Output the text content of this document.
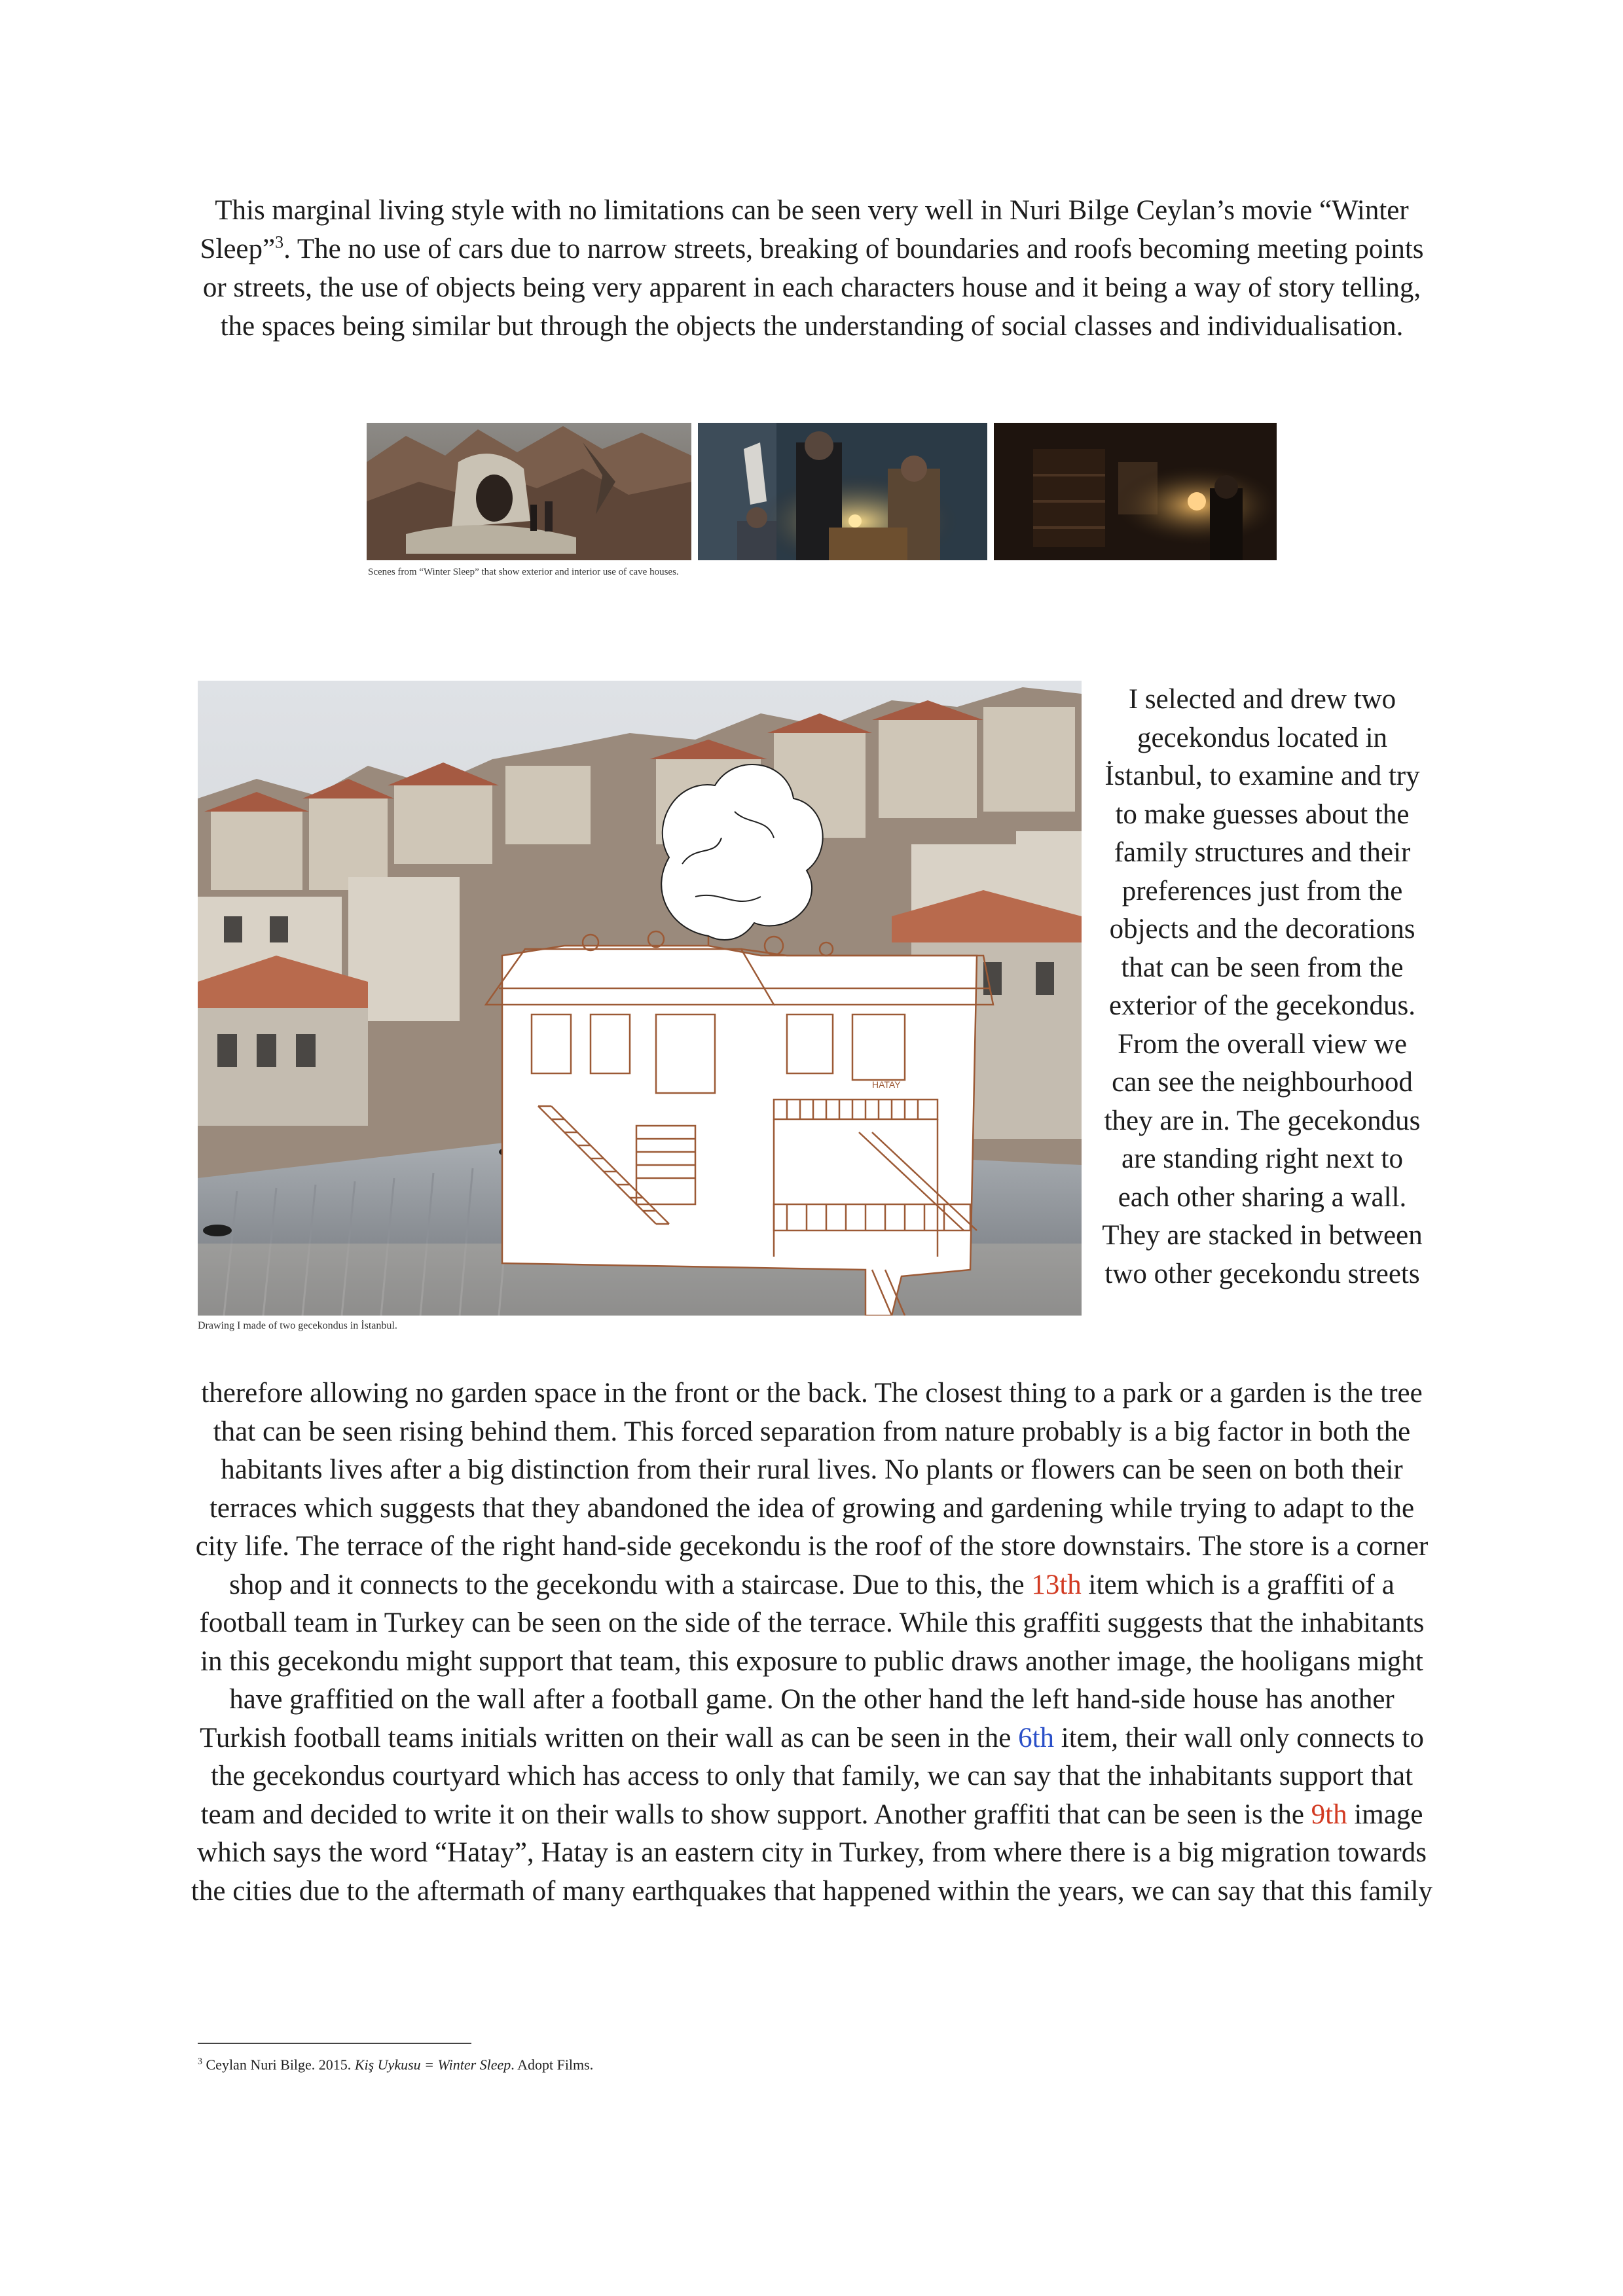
This marginal living style with no limitations can be seen very well in Nuri Bilge Ceylan’s movie “Winter Sleep”$^3$. The no use of cars due to narrow streets, breaking of boundaries and roofs becoming meeting points or streets, the use of objects being very apparent in each characters house and it being a way of story telling, the spaces being similar but through the objects the understanding of social classes and individualisation.

Scenes from “Winter Sleep” that show exterior and interior use of cave houses.

HATAY

Drawing I made of two gecekondus in İstanbul.

I selected and drew two gecekondus located in İstanbul, to examine and try to make guesses about the family structures and their preferences just from the objects and the decorations that can be seen from the exterior of the gecekondus. From the overall view we can see the neighbourhood they are in. The gecekondus are standing right next to each other sharing a wall. They are stacked in between two other gecekondu streets

therefore allowing no garden space in the front or the back. The closest thing to a park or a garden is the tree that can be seen rising behind them. This forced separation from nature probably is a big factor in both the habitants lives after a big distinction from their rural lives. No plants or flowers can be seen on both their terraces which suggests that they abandoned the idea of growing and gardening while trying to adapt to the city life. The terrace of the right hand-side gecekondu is the roof of the store downstairs. The store is a corner shop and it connects to the gecekondu with a staircase. Due to this, the 13th item which is a graffiti of a football team in Turkey can be seen on the side of the terrace. While this graffiti suggests that the inhabitants in this gecekondu might support that team, this exposure to public draws another image, the hooligans might have graffitied on the wall after a football game. On the other hand the left hand-side house has another Turkish football teams initials written on their wall as can be seen in the 6th item, their wall only connects to the gecekondus courtyard which has access to only that family, we can say that the inhabitants support that team and decided to write it on their walls to show support. Another graffiti that can be seen is the 9th image which says the word “Hatay”, Hatay is an eastern city in Turkey, from where there is a big migration towards the cities due to the aftermath of many earthquakes that happened within the years, we can say that this family

$^3$ Ceylan Nuri Bilge. 2015. Kiş Uykusu = Winter Sleep. Adopt Films.
